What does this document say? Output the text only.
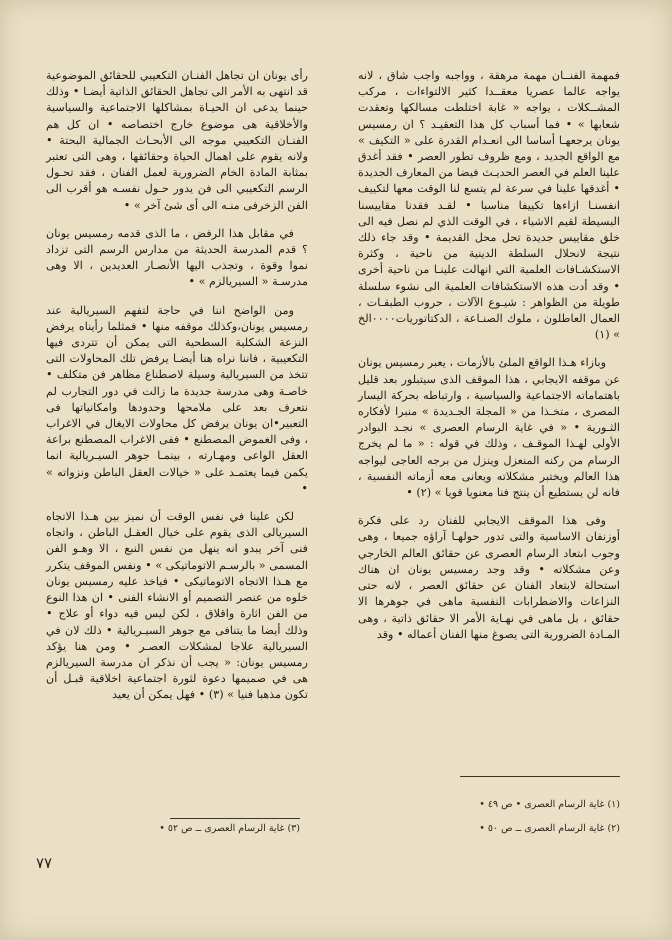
فمهمة الفنــان مهمة مرهقة ، وواجبه واجب شاق ، لانه يواجه عالما عصريا معقــدا كثير الالتواءات ، مركب المشــكلات ، يواجه « غابة اختلطت مسالكها وتعقدت شعابها » • فما أسباب كل هذا التعقيـد ؟ ان رمسيس يونان يرجعهـا أساسا الى انعـدام القدرة على « التكيف » مع الواقع الجديد ، ومع ظروف تطور العصر • فقد أغدق علينا العلم في العصر الحديـث فيضا من المعارف الجديدة • أغدقها علينا في سرعة لم يتسع لنا الوقت معها لتكييف انفسنـا ازاءها تكييفا مناسبا • لقـد فقدنا مقاييسنا البسيطة لقيم الاشياء ، في الوقت الذي لم نصل فيه الى خلق مقاييس جديدة تحل محل القديمة • وقد جاء ذلك نتيجة لانحلال السلطة الدينية من ناحية ، وكثرة الاستكشـافات العلمية التي انهالت علينـا من ناحية أخرى • وقد أدت هذه الاستكشافات العلمية الى نشوء سلسلة طويلة من الظواهر : شيـوع الآلات ، حروب الطبقـات ، العمال العاطلون ، ملوك الصنـاعة ، الدكتاتوريات٠٠٠٠الخ » (١)

وبازاء هـذا الواقع الملئ بالأزمات ، يعبر رمسيس يونان عن موقفه الايجابي ، هذا الموقف الذى سيتبلور بعد قليل باهتماماته الاجتماعية والسياسية ، وارتباطه بحركة اليسار المصرى ، متخـذا من « المجلة الجـديدة » منبرا لأفكاره الثـورية • « في غاية الرسام العصرى » نجـد البوادر الأولى لهـذا الموقـف ، وذلك في قوله : « ما لم يخرج الرسام من ركنه المنعزل وينزل من برجه العاجى ليواجه هذا العالم ويختبر مشكلاته ويعانى معه أزماته النفسية ، فانه لن يستطيع أن ينتج فنا معنويا قويا » (٢) •

وفى هذا الموقف الايجابي للفنان رد على فكرة أوزنفان الاساسية والتى تدور حولهـا آراؤه جميعا ، وهى وجوب ابتعاد الرسام العصرى عن حقائق العالم الخارجي وعن مشكلاته • وقد وجد رمسيس يونان ان هناك استحالة لابتعاد الفنان عن حقائق العصر ، لانه حتى النزاعات والاضطرابات النفسية ماهى في جوهرها الا حقائق ، بل ماهى في نهـاية الأمر الا حقائق ذاتية ، وهى المـادة الضرورية التى يصوغ منها الفنان أعماله • وقد

رأى يونان ان تجاهل الفنـان التكعيبي للحقائق الموضوعية قد انتهى به الأمر الى تجاهل الحقائق الذاتية أيضـا • وذلك حينما يدعى ان الحيـاة بمشاكلها الاجتماعية والسياسية والأخلاقية هى موضوع خارج اختصاصه • ان كل هم الفنـان التكعيبي موجه الى الأبحـاث الجمالية البحتة • ولانه يقوم على اهمال الحياة وحقائقها ، وهى التى تعتبر بمثابة المادة الخام الضرورية لعمل الفنان ، فقد تحـول الرسم التكعيبي الى فن يدور حـول نفسـه هو أقرب الى الفن الزخرفى منـه الى أى شئ آخر » •

في مقابل هذا الرفض ، ما الذى قدمه رمسيس يونان ؟ قدم المدرسة الحديثة من مدارس الرسم التى تزداد نموا وقوة ، وتجذب اليها الأنصـار العديدين ، الا وهى مدرسـة « السيريالزم » •

ومن الواضح اننا في حاجة لتفهم السيريالية عند رمسيس يونان،وكذلك موقفه منها • فمثلما رأيناه يرفض النزعة الشكلية السطحية التى يمكن أن تتردى فيها التكعيبية ، فاننا نراه هنا أيضـا يرفض تلك المحاولات التى تتخذ من السيريالية وسيلة لاصطناع مظاهر فن متكلف • خاصـة وهى مدرسة جديدة ما زالت في دور التجارب لم نتعرف بعد على ملامحها وحدودها وامكانياتها فى التعبير•ان يونان يرفض كل محاولات الايغال في الاغراب ، وفى الغموض المصطنع • ففى الاغراب المصطنع براعة العقل الواعى ومهـارته ، بينمـا جوهر السيـريالية انما يكمن فيما يعتمـد على « خيالات العقل الباطن ونزواته » •

لكن علينا في نفس الوقت أن نميز بين هـذا الاتجاه السيريالى الذى يقوم على خيال العقـل الباطن ، واتجاه فنى آخر يبدو انه ينهل من نفس النبع ، الا وهـو الفن المسمى « بالرسـم الاتوماتيكى » • ونفس الموقف يتكرر مع هـذا الاتجاه الاتوماتيكى • فياخذ عليه رمسيس يونان خلوه من عنصر التصميم أو الانشاء الفنى • ان هذا النوع من الفن اثارة واقلاق ، لكن ليس فيه دواء أو علاج • وذلك أيضا ما يتنافى مع جوهر السيـريالية • ذلك لان في السيريالية علاجا لمشكلات العصـر • ومن هنا يؤكد رمسيس يونان: « يجب أن نذكر ان مدرسة السيريالزم هى في صميمها دعوة لثورة اجتماعية اخلاقية قبـل أن تكون مذهبا فنيا » (٣) • فهل يمكن أن يعيد

(١) غاية الرسام العصرى • ص ٤٩ •
(٢) غاية الرسام العصرى ــ ص ٥٠ •
(٣) غاية الرسام العصرى ــ ص ٥٢ •
٧٧
